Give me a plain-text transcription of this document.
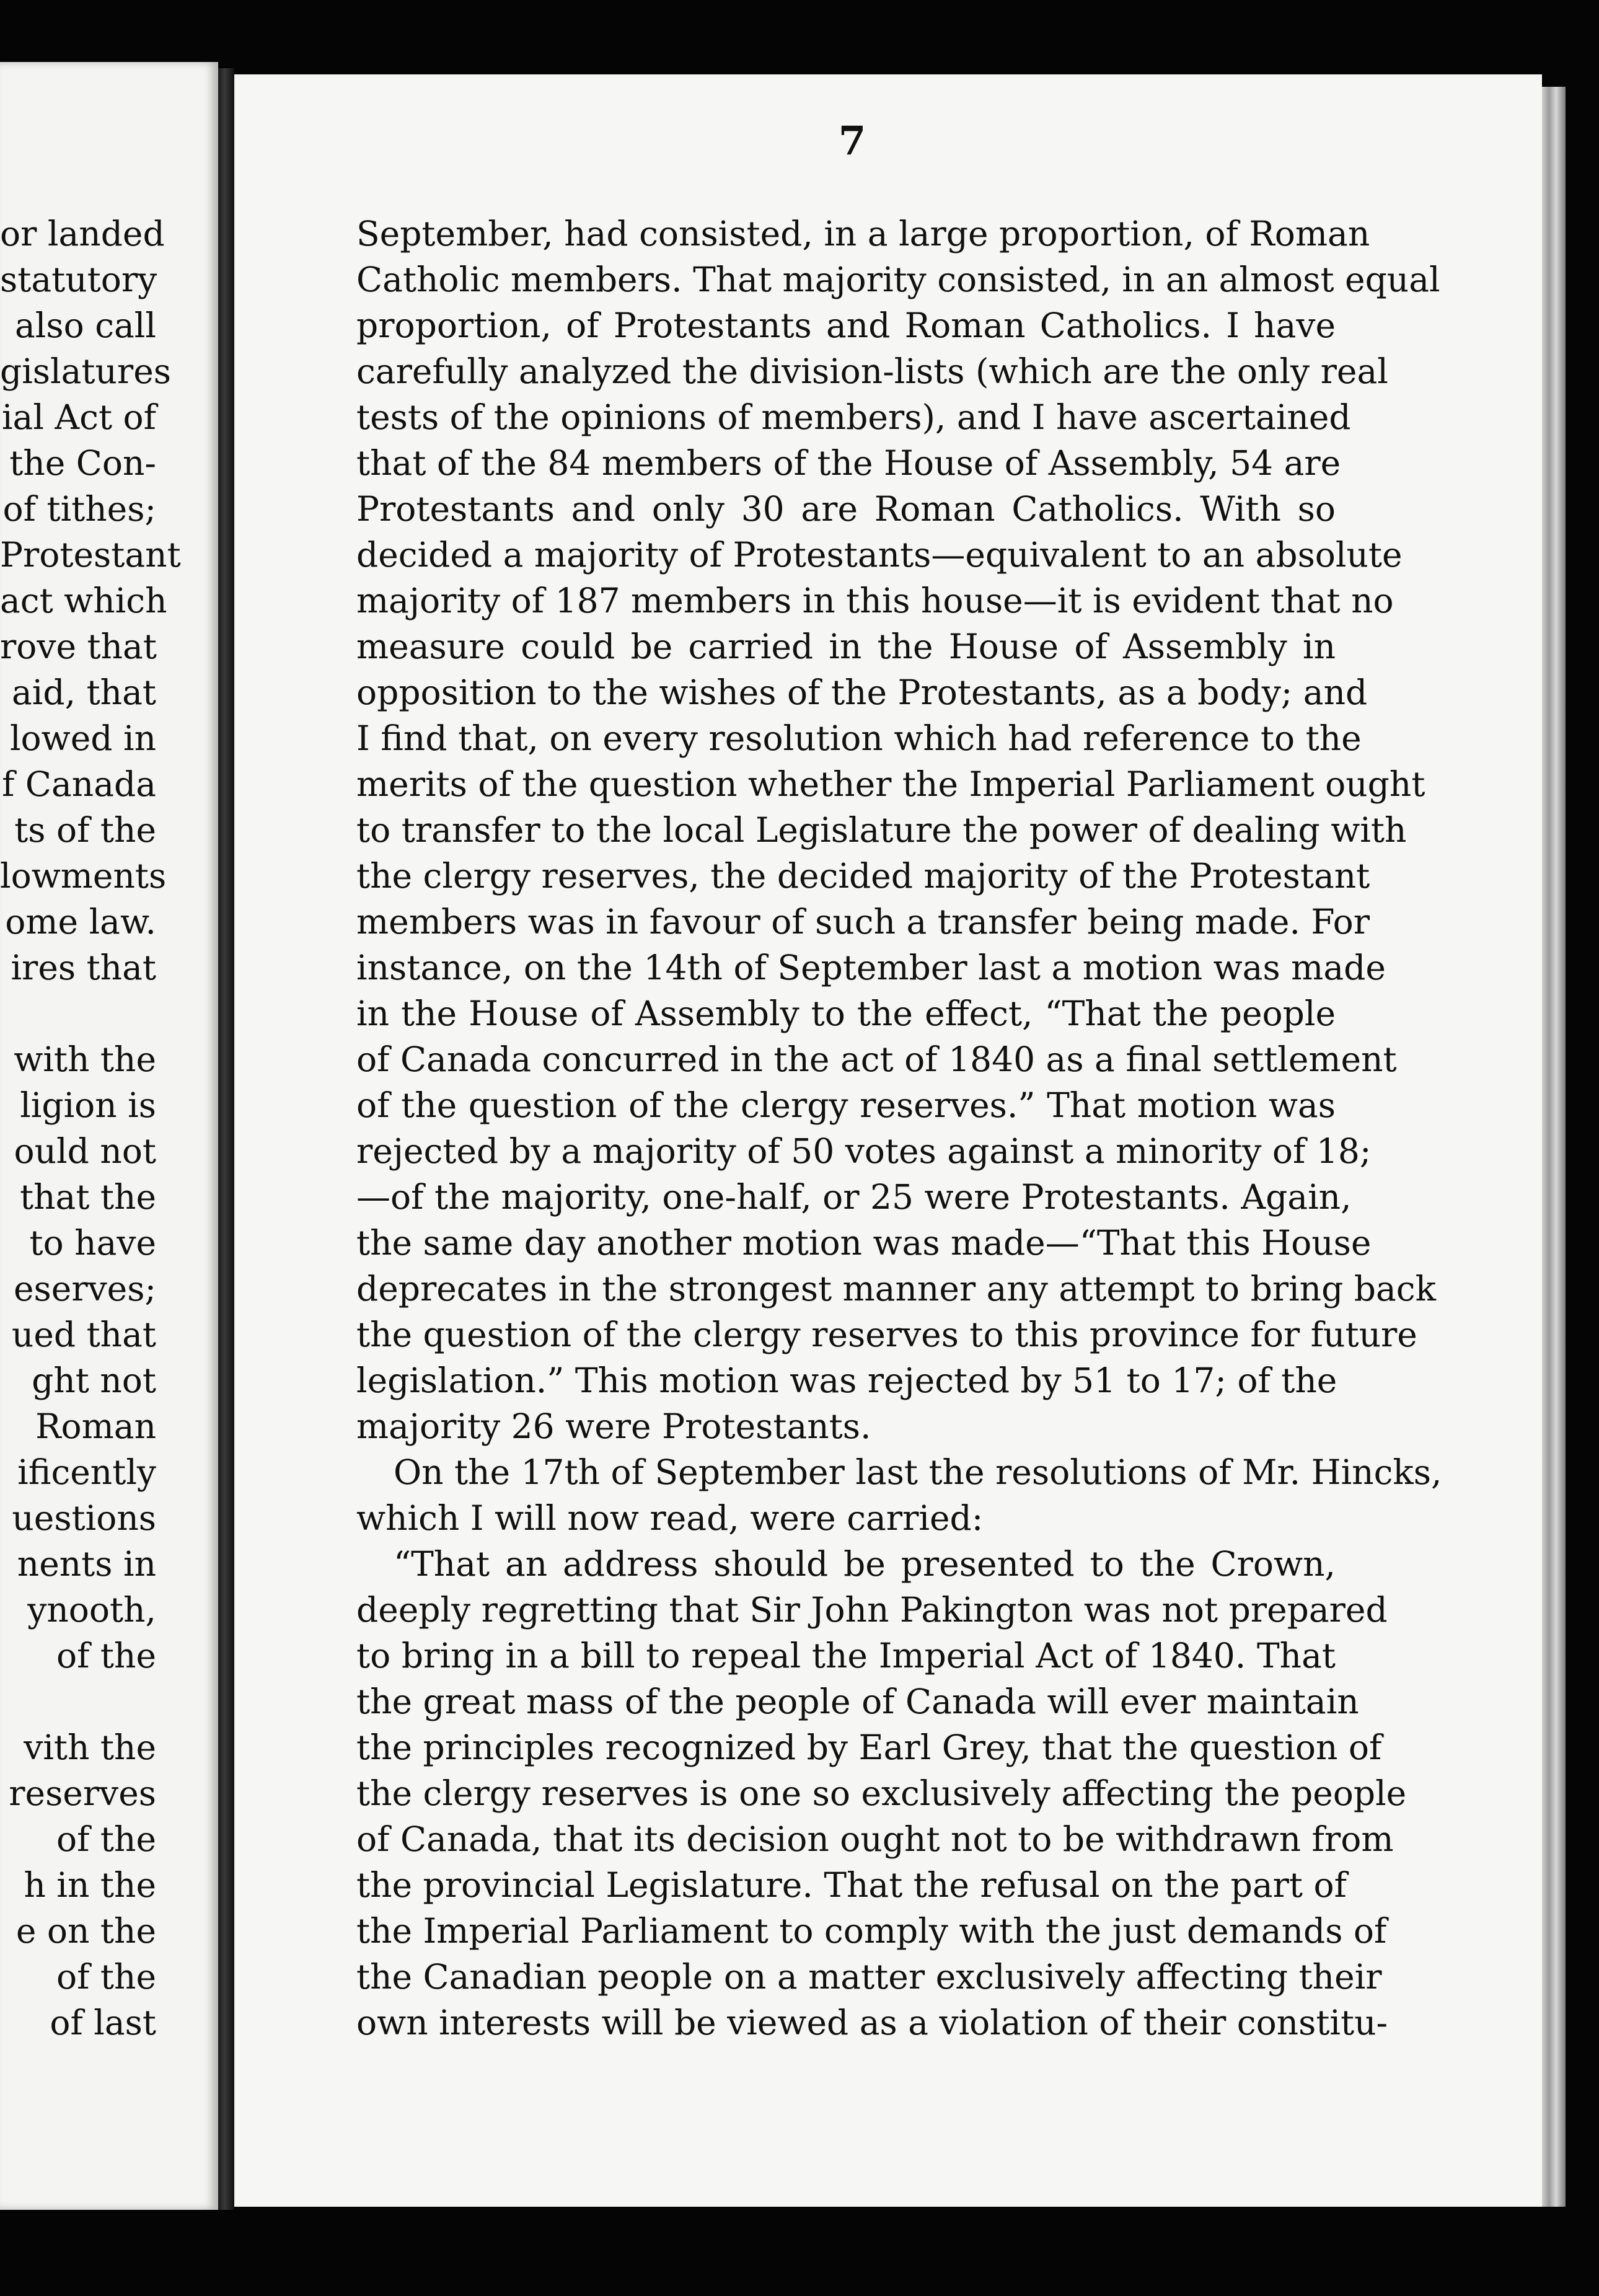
or landed
statutory
also call
gislatures
ial Act of
the Con-
of tithes;
Protestant
act which
rove that
aid, that
lowed in
f Canada
ts of the
lowments
ome law.
ires that
with the
ligion is
ould not
that the
to have
eserves;
ued that
ght not
Roman
ificently
uestions
nents in
ynooth,
of the
vith the
reserves
of the
h in the
e on the
of the
of last
7
September, had consisted, in a large proportion, of Roman
Catholic members. That majority consisted, in an almost equal
proportion, of Protestants and Roman Catholics. I have
carefully analyzed the division-lists (which are the only real
tests of the opinions of members), and I have ascertained
that of the 84 members of the House of Assembly, 54 are
Protestants and only 30 are Roman Catholics. With so
decided a majority of Protestants—equivalent to an absolute
majority of 187 members in this house—it is evident that no
measure could be carried in the House of Assembly in
opposition to the wishes of the Protestants, as a body; and
I find that, on every resolution which had reference to the
merits of the question whether the Imperial Parliament ought
to transfer to the local Legislature the power of dealing with
the clergy reserves, the decided majority of the Protestant
members was in favour of such a transfer being made. For
instance, on the 14th of September last a motion was made
in the House of Assembly to the effect, “That the people
of Canada concurred in the act of 1840 as a final settlement
of the question of the clergy reserves.” That motion was
rejected by a majority of 50 votes against a minority of 18;
—of the majority, one-half, or 25 were Protestants. Again,
the same day another motion was made—“That this House
deprecates in the strongest manner any attempt to bring back
the question of the clergy reserves to this province for future
legislation.” This motion was rejected by 51 to 17; of the
majority 26 were Protestants.
On the 17th of September last the resolutions of Mr. Hincks,
which I will now read, were carried:
“That an address should be presented to the Crown,
deeply regretting that Sir John Pakington was not prepared
to bring in a bill to repeal the Imperial Act of 1840. That
the great mass of the people of Canada will ever maintain
the principles recognized by Earl Grey, that the question of
the clergy reserves is one so exclusively affecting the people
of Canada, that its decision ought not to be withdrawn from
the provincial Legislature. That the refusal on the part of
the Imperial Parliament to comply with the just demands of
the Canadian people on a matter exclusively affecting their
own interests will be viewed as a violation of their constitu-
